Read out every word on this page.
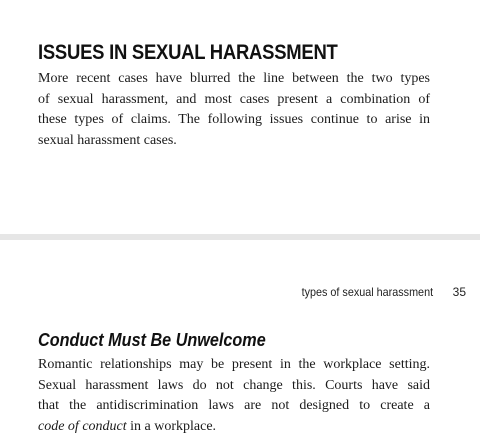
ISSUES IN SEXUAL HARASSMENT

More recent cases have blurred the line between the two types
of sexual harassment, and most cases present a combination of
these types of claims. The following issues continue to arise in
sexual harassment cases.

types of sexual harassment 35
Conduct Must Be Unwelcome

Romantic relationships may be present in the workplace setting.
Sexual harassment laws do not change this. Courts have said
that the antidiscrimination laws are not designed to create a
code of conduct in a workplace.
